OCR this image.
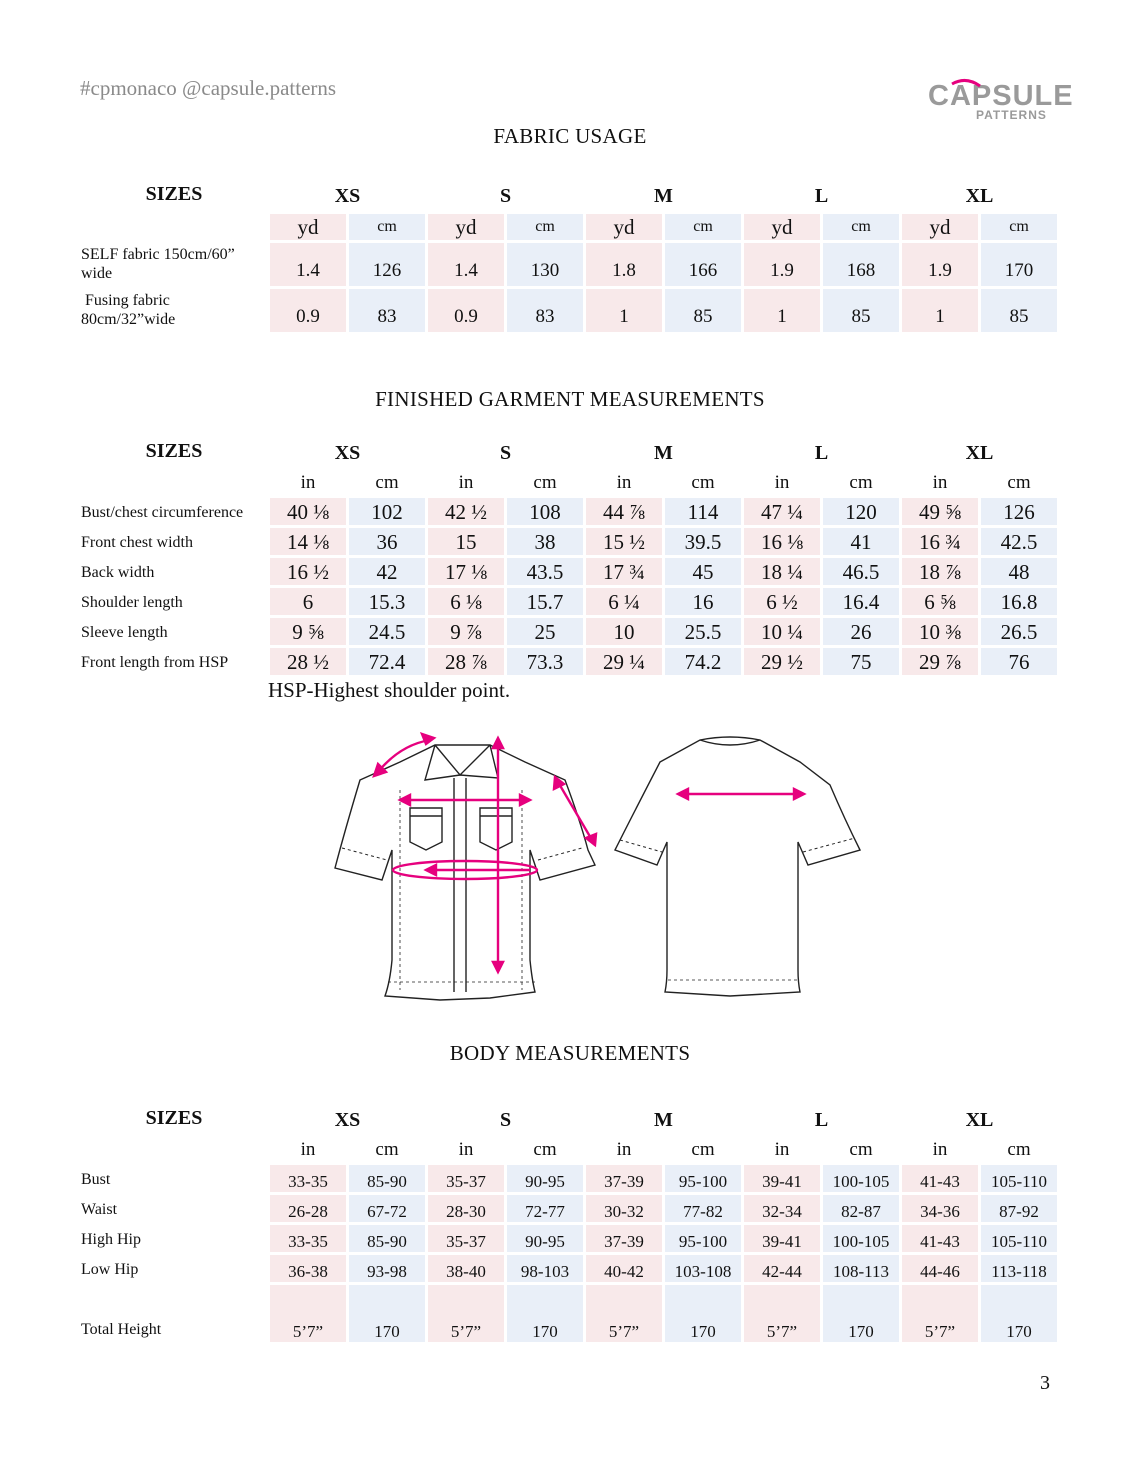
#cpmonaco @capsule.patterns	CAPSULE
PATTERNS
FABRIC USAGE
SIZES	XS		S		M		L		XL	
	yd	cm	yd	cm	yd	cm	yd	cm	yd	cm
SELF fabric 150cm/60” wide	1.4	126	1.4	130	1.8	166	1.9	168	1.9	170
Fusing fabric 80cm/32”wide	0.9	83	0.9	83	1	85	1	85	1	85
FINISHED GARMENT MEASUREMENTS
SIZES	XS		S		M		L		XL	
	in	cm	in	cm	in	cm	in	cm	in	cm
Bust/chest circumference	40 ⅛	102	42 ½	108	44 ⅞	114	47 ¼	120	49 ⅝	126
Front chest width	14 ⅛	36	15	38	15 ½	39.5	16 ⅛	41	16 ¾	42.5
Back width	16 ½	42	17 ⅛	43.5	17 ¾	45	18 ¼	46.5	18 ⅞	48
Shoulder length	6	15.3	6 ⅛	15.7	6 ¼	16	6 ½	16.4	6 ⅝	16.8
Sleeve length	9 ⅝	24.5	9 ⅞	25	10	25.5	10 ¼	26	10 ⅜	26.5
Front length from HSP	28 ½	72.4	28 ⅞	73.3	29 ¼	74.2	29 ½	75	29 ⅞	76
HSP-Highest shoulder point.
BODY MEASUREMENTS
SIZES	XS		S		M		L		XL	
	in	cm	in	cm	in	cm	in	cm	in	cm
Bust	33-35	85-90	35-37	90-95	37-39	95-100	39-41	100-105	41-43	105-110
Waist	26-28	67-72	28-30	72-77	30-32	77-82	32-34	82-87	34-36	87-92
High Hip	33-35	85-90	35-37	90-95	37-39	95-100	39-41	100-105	41-43	105-110
Low Hip	36-38	93-98	38-40	98-103	40-42	103-108	42-44	108-113	44-46	113-118
Total Height	5’7”	170	5’7”	170	5’7”	170	5’7”	170	5’7”	170
3
